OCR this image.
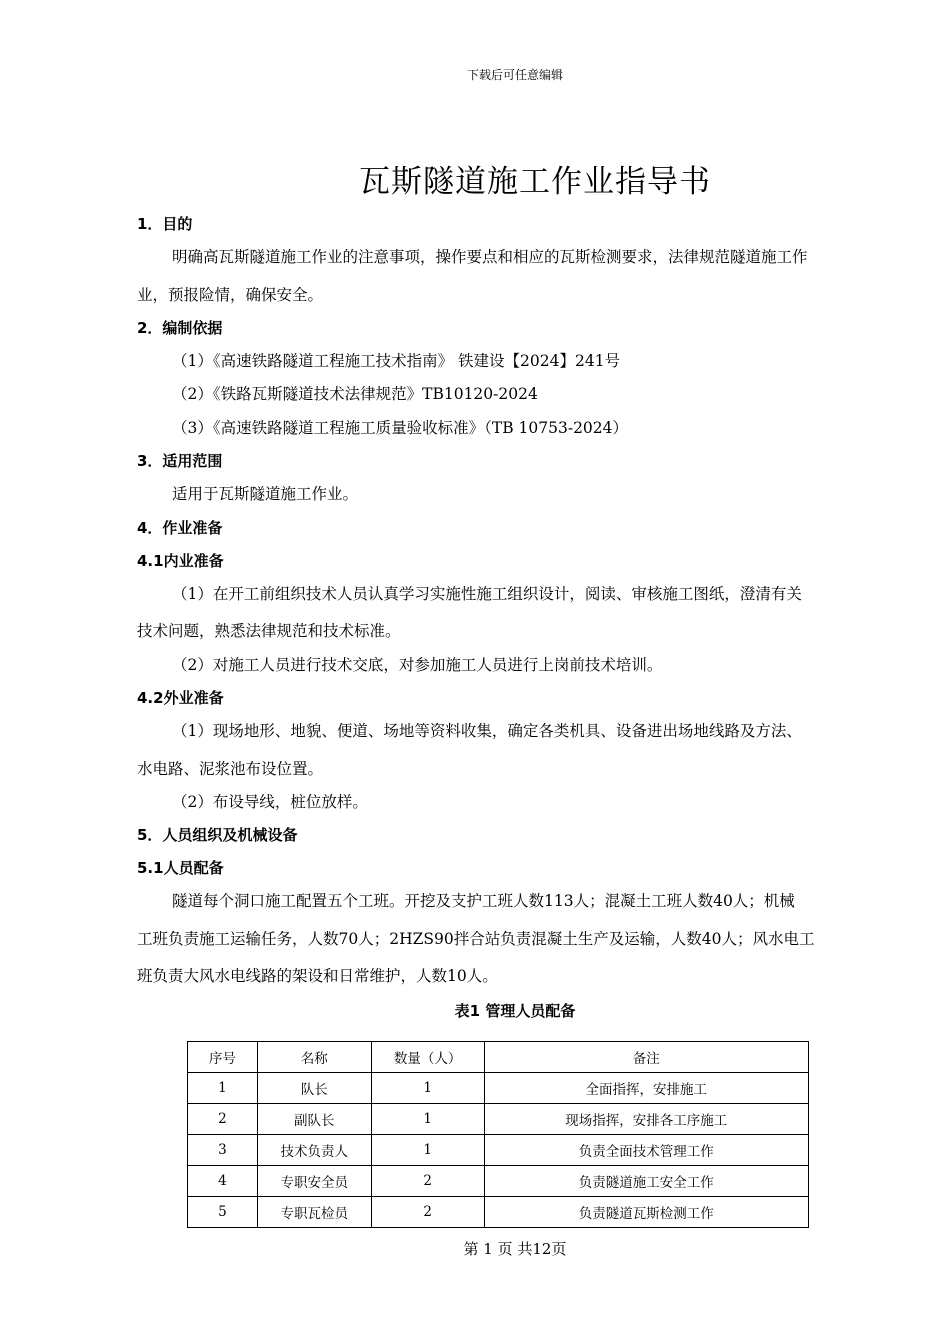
下载后可任意编辑
瓦斯隧道施工作业指导书
1．目的
明确高瓦斯隧道施工作业的注意事项，操作要点和相应的瓦斯检测要求，法律规范隧道施工作
业，预报险情，确保安全。
2．编制依据
（1）《高速铁路隧道工程施工技术指南》 铁建设【2024】241号
（2）《铁路瓦斯隧道技术法律规范》TB10120-2024
（3）《高速铁路隧道工程施工质量验收标准》（TB 10753-2024）
3．适用范围
适用于瓦斯隧道施工作业。
4．作业准备
4.1内业准备
（1）在开工前组织技术人员认真学习实施性施工组织设计，阅读、审核施工图纸，澄清有关
技术问题，熟悉法律规范和技术标准。
（2）对施工人员进行技术交底，对参加施工人员进行上岗前技术培训。
4.2外业准备
（1）现场地形、地貌、便道、场地等资料收集，确定各类机具、设备进出场地线路及方法、
水电路、泥浆池布设位置。
（2）布设导线，桩位放样。
5．人员组织及机械设备
5.1人员配备
隧道每个洞口施工配置五个工班。开挖及支护工班人数113人；混凝土工班人数40人；机械
工班负责施工运输任务，人数70人；2HZS90拌合站负责混凝土生产及运输，人数40人；风水电工
班负责大风水电线路的架设和日常维护，人数10人。
表1 管理人员配备
序号	名称	数量（人）	备注
1	队长	1	全面指挥，安排施工
2	副队长	1	现场指挥，安排各工序施工
3	技术负责人	1	负责全面技术管理工作
4	专职安全员	2	负责隧道施工安全工作
5	专职瓦检员	2	负责隧道瓦斯检测工作
第 1 页 共12页
